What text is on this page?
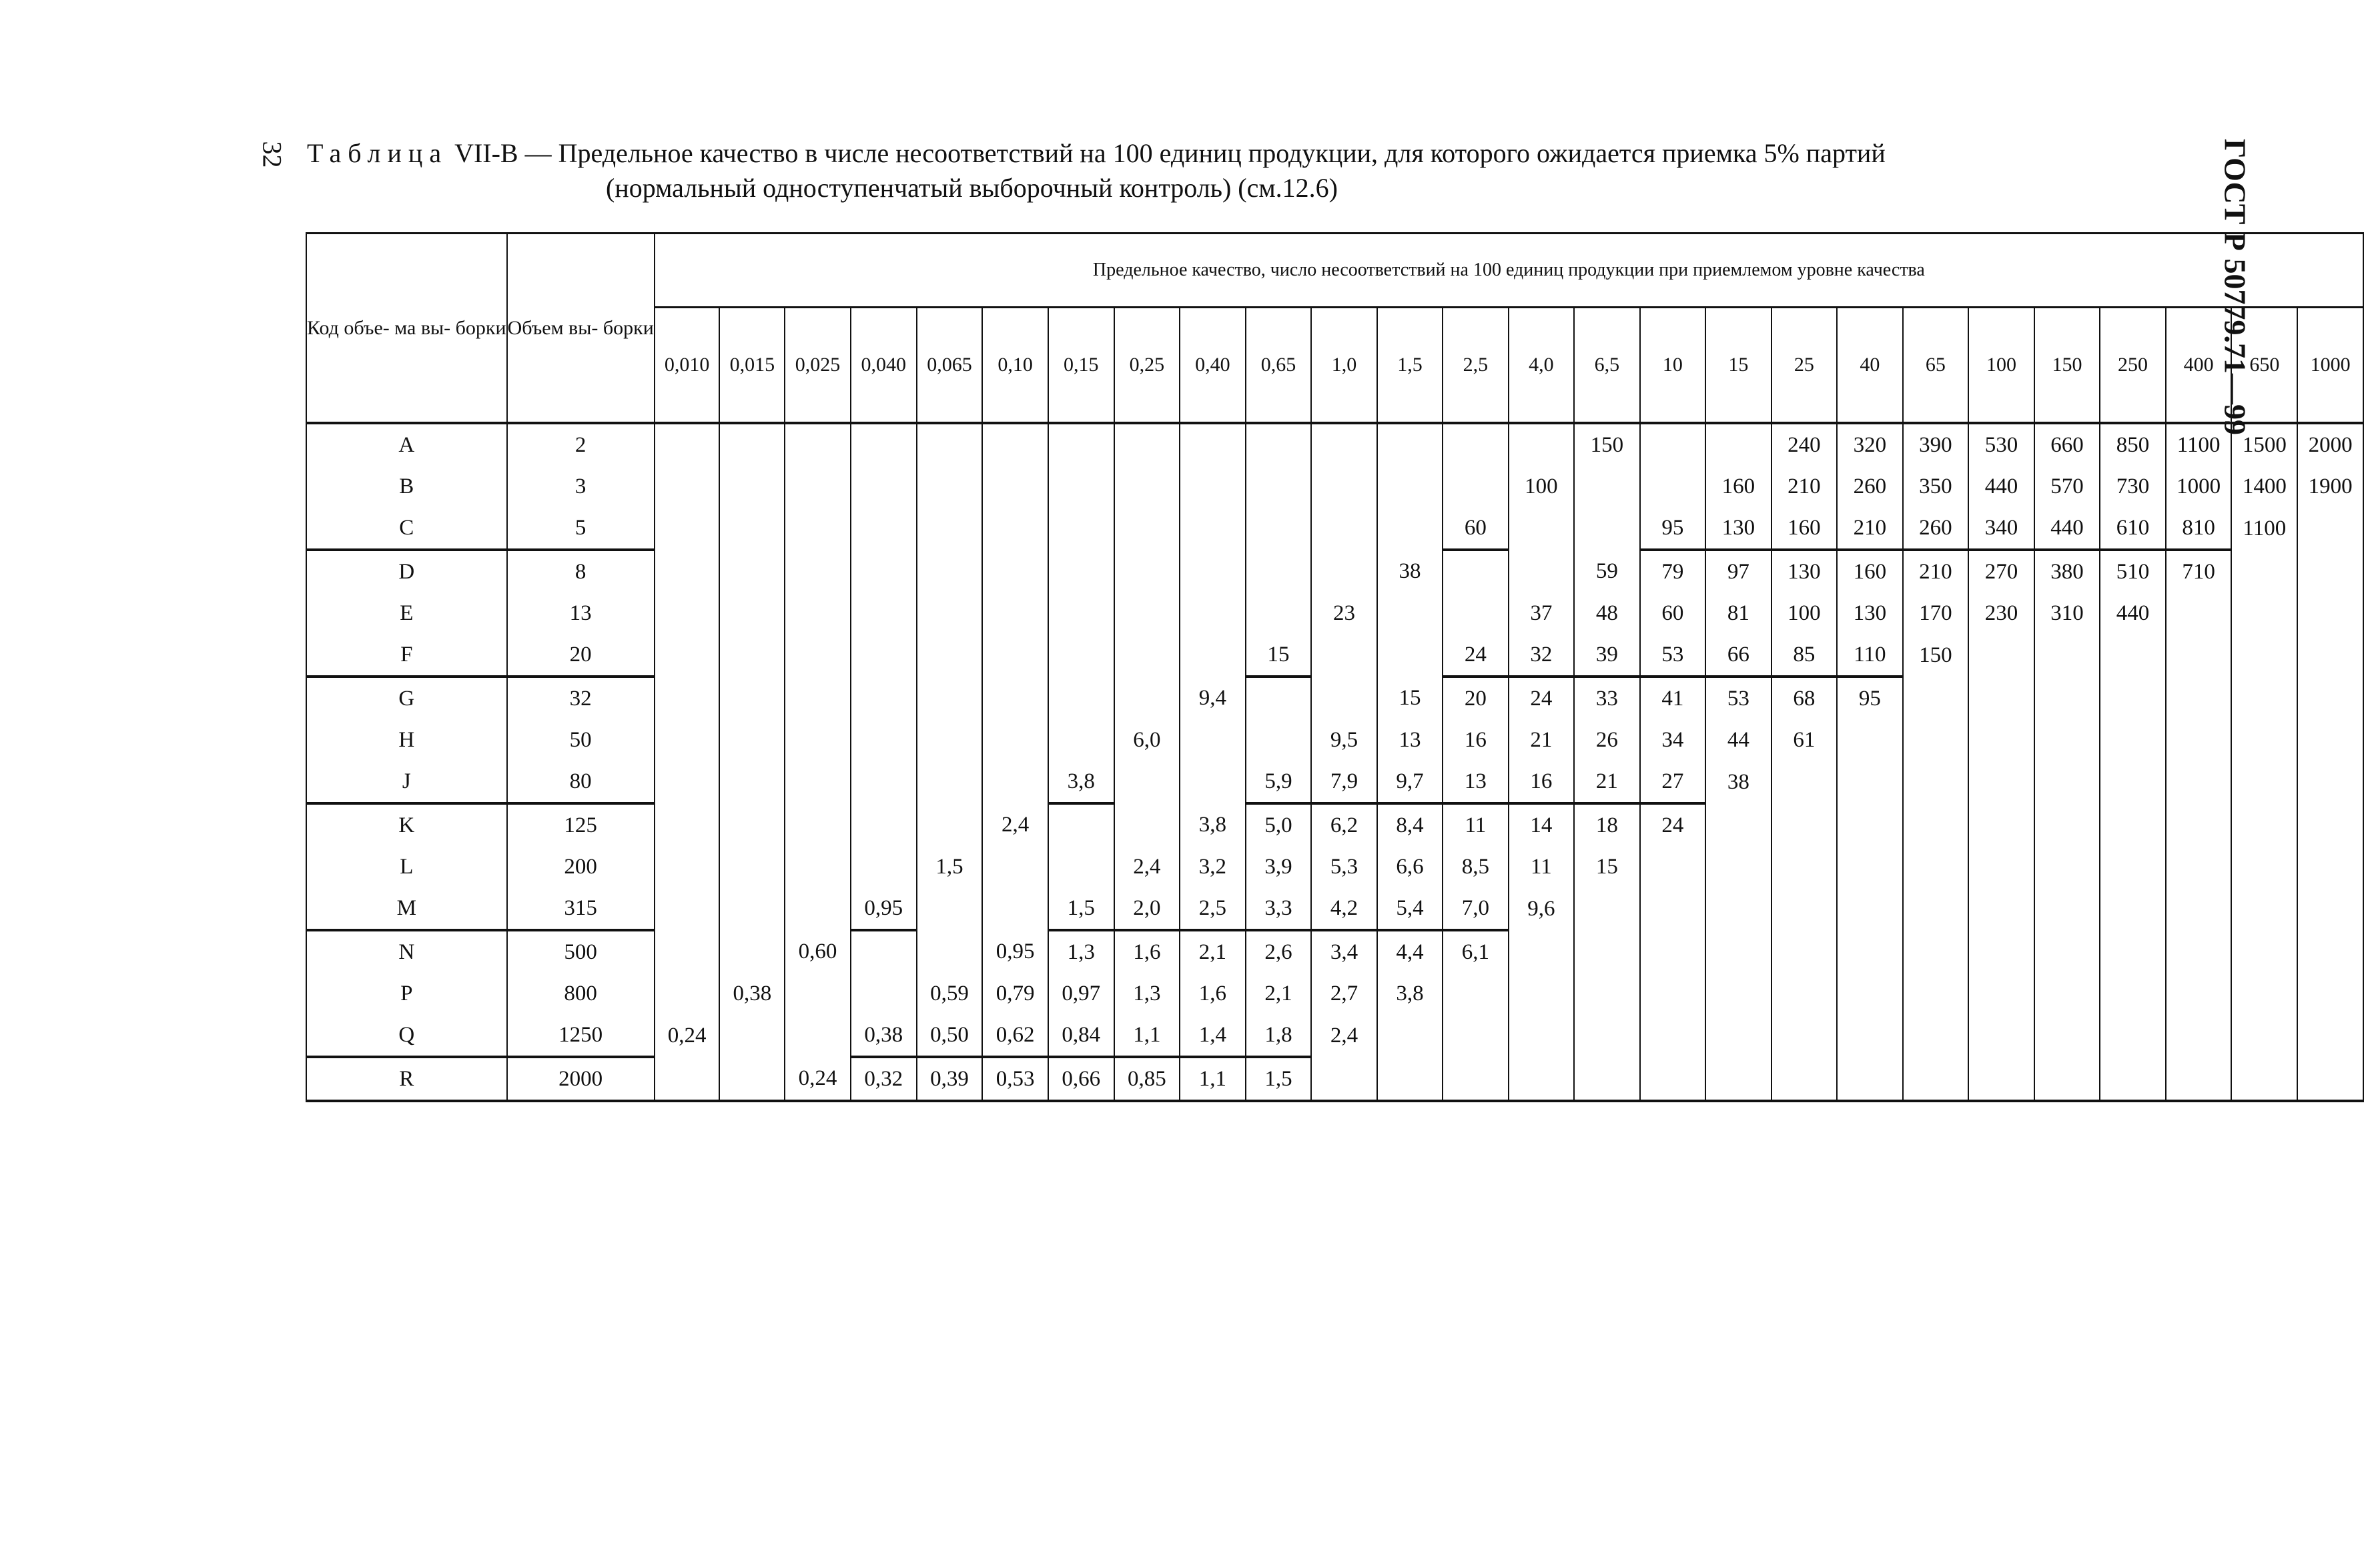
32 Таблица VII-B — Предельное качество в числе несоответствий на 100 единиц продукции, для которого ожидается приемка 5% партий
(нормальный одноступенчатый выборочный контроль) (см.12.6)	ГОСТ Р 50779.71—99
Код объе- ма вы- борки	Объем вы- борки	Предельное качество, число несоответствий на 100 единиц продукции при приемлемом уровне качества																									
		0,010	0,015	0,025	0,040	0,065	0,10	0,15	0,25	0,40	0,65	1,0	1,5	2,5	4,0	6,5	10	15	25	40	65	100	150	250	400	650	1000
A	2															150			240	320	390	530	660	850	1100	1500	2000
B	3														100			160	210	260	350	440	570	730	1000	1400	1900
C	5													60			95	130	160	210	260	340	440	610	810	1100	
D	8												38			59	79	97	130	160	210	270	380	510	710		
E	13											23			37	48	60	81	100	130	170	230	310	440			
F	20										15			24	32	39	53	66	85	110	150						
G	32									9,4			15	20	24	33	41	53	68	95							
H	50								6,0			9,5	13	16	21	26	34	44	61								
J	80							3,8			5,9	7,9	9,7	13	16	21	27	38									
K	125						2,4			3,8	5,0	6,2	8,4	11	14	18	24										
L	200					1,5			2,4	3,2	3,9	5,3	6,6	8,5	11	15											
M	315				0,95			1,5	2,0	2,5	3,3	4,2	5,4	7,0	9,6												
N	500			0,60			0,95	1,3	1,6	2,1	2,6	3,4	4,4	6,1													
P	800		0,38			0,59	0,79	0,97	1,3	1,6	2,1	2,7	3,8														
Q	1250	0,24			0,38	0,50	0,62	0,84	1,1	1,4	1,8	2,4															
R	2000			0,24	0,32	0,39	0,53	0,66	0,85	1,1	1,5																
